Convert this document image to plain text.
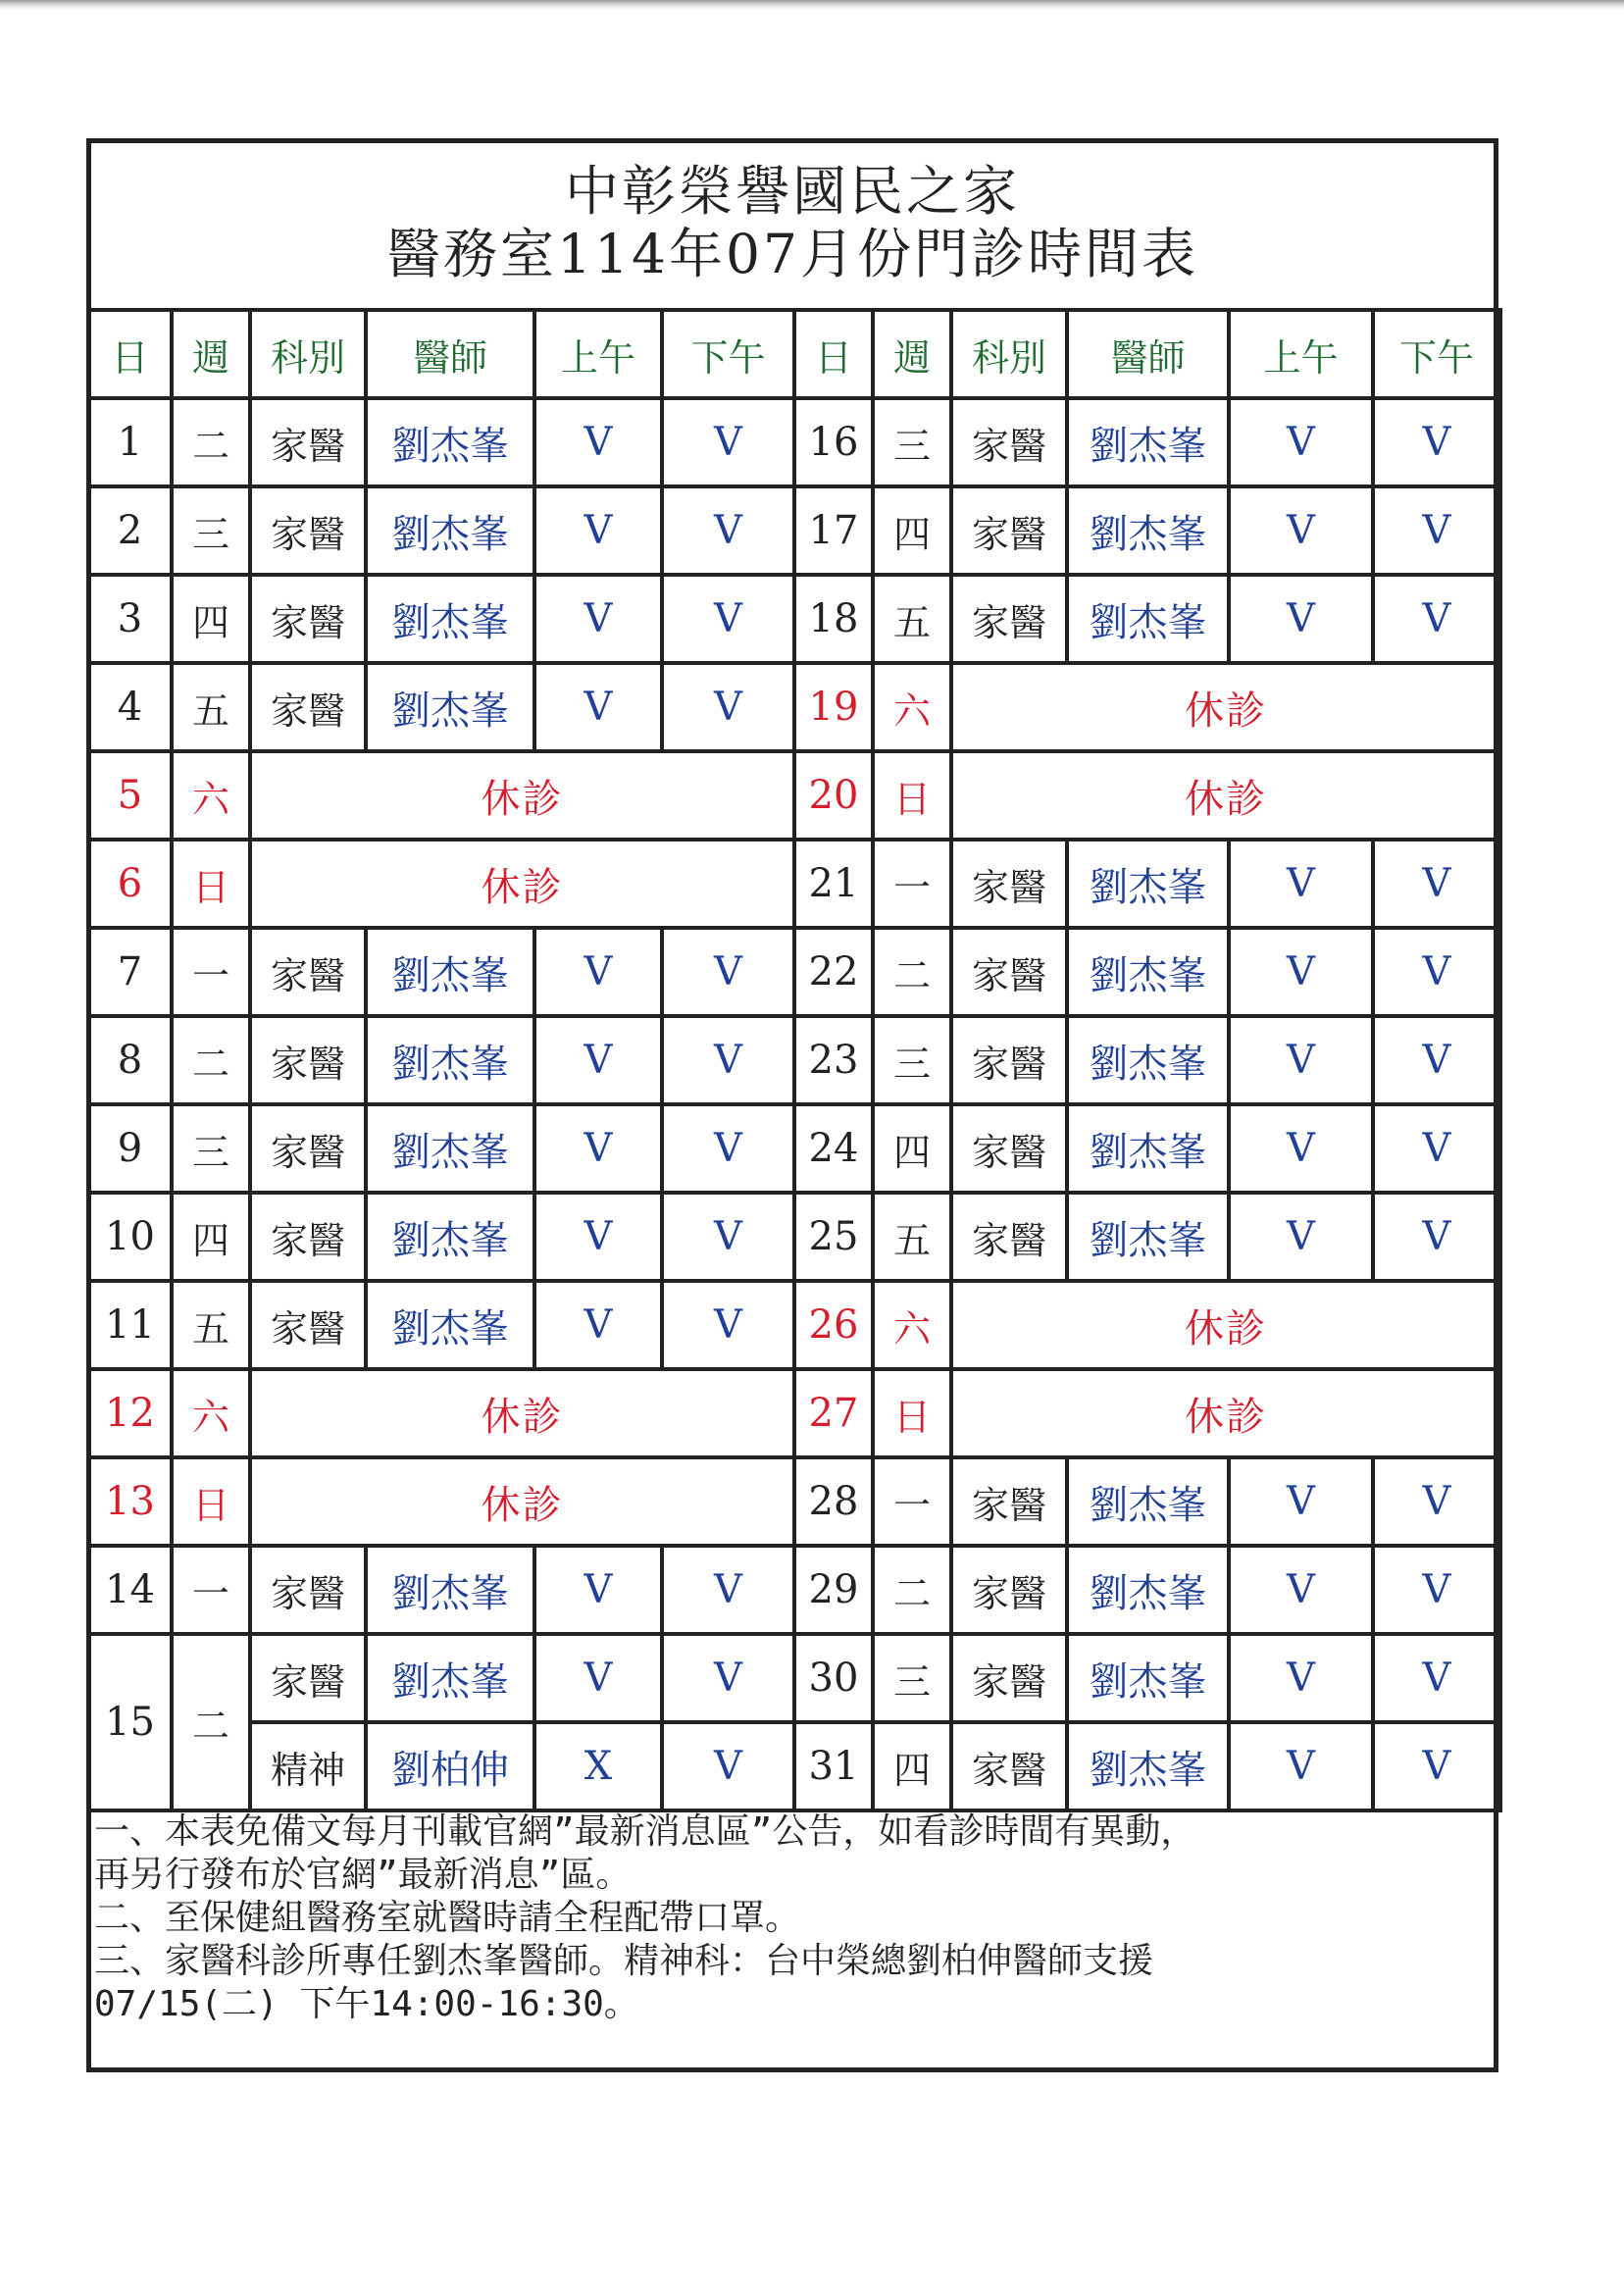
中彰榮譽國民之家
醫務室114年07月份門診時間表
日	週	科別	醫師	上午	下午	日	週	科別	醫師	上午	下午
1	二	家醫	劉杰峯	V	V	16	三	家醫	劉杰峯	V	V
2	三	家醫	劉杰峯	V	V	17	四	家醫	劉杰峯	V	V
3	四	家醫	劉杰峯	V	V	18	五	家醫	劉杰峯	V	V
4	五	家醫	劉杰峯	V	V	19	六	休診			
5	六	休診				20	日	休診			
6	日	休診				21	一	家醫	劉杰峯	V	V
7	一	家醫	劉杰峯	V	V	22	二	家醫	劉杰峯	V	V
8	二	家醫	劉杰峯	V	V	23	三	家醫	劉杰峯	V	V
9	三	家醫	劉杰峯	V	V	24	四	家醫	劉杰峯	V	V
10	四	家醫	劉杰峯	V	V	25	五	家醫	劉杰峯	V	V
11	五	家醫	劉杰峯	V	V	26	六	休診			
12	六	休診				27	日	休診			
13	日	休診				28	一	家醫	劉杰峯	V	V
14	一	家醫	劉杰峯	V	V	29	二	家醫	劉杰峯	V	V
15	二	家醫	劉杰峯	V	V	30	三	家醫	劉杰峯	V	V
		精神	劉柏伸	X	V	31	四	家醫	劉杰峯	V	V
一、本表免備文每月刊載官網”最新消息區”公告，如看診時間有異動，
再另行發布於官網”最新消息”區。
二、至保健組醫務室就醫時請全程配帶口罩。
三、家醫科診所專任劉杰峯醫師。精神科：台中榮總劉柏伸醫師支援
07/15(二) 下午14:00-16:30。
